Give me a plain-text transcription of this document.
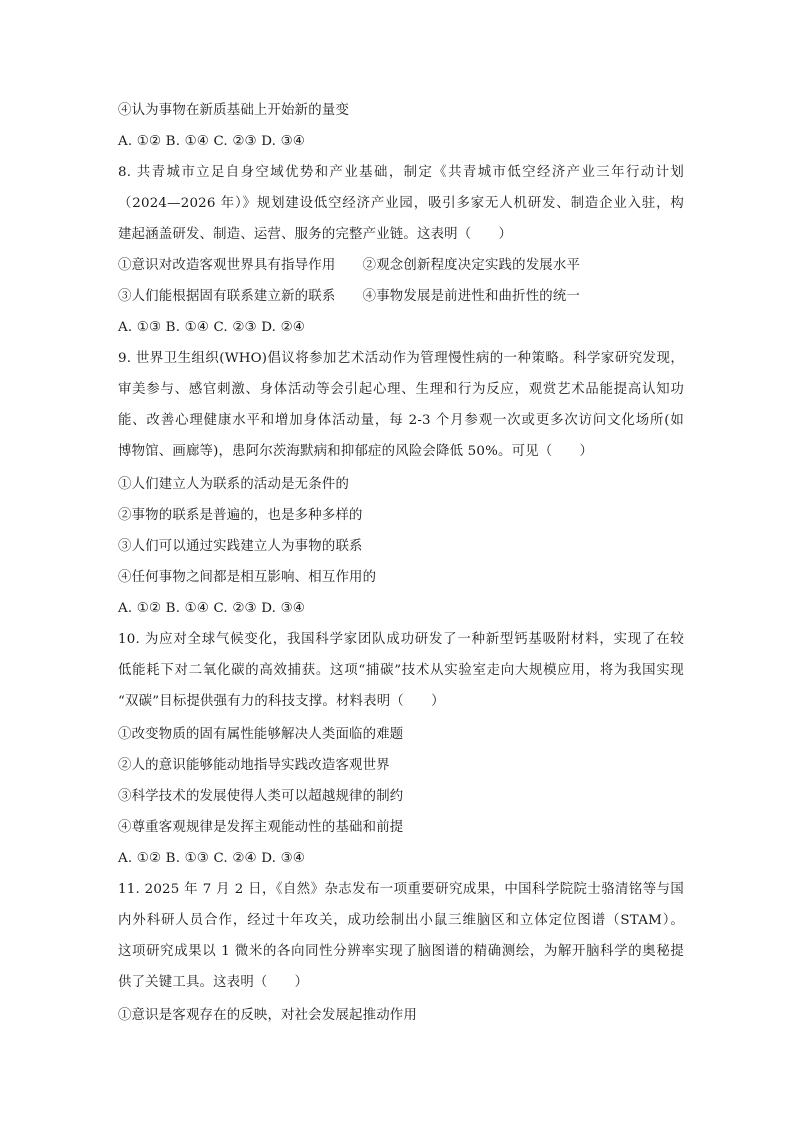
④认为事物在新质基础上开始新的量变
A. ①② B. ①④ C. ②③ D. ③④
8. 共青城市立足自身空域优势和产业基础，制定《共青城市低空经济产业三年行动计划
（2024—2026 年）》规划建设低空经济产业园，吸引多家无人机研发、制造企业入驻，构
建起涵盖研发、制造、运营、服务的完整产业链。这表明（　　）
①意识对改造客观世界具有指导作用　　②观念创新程度决定实践的发展水平
③人们能根据固有联系建立新的联系　　④事物发展是前进性和曲折性的统一
A. ①③ B. ①④ C. ②③ D. ②④
9. 世界卫生组织(WHO)倡议将参加艺术活动作为管理慢性病的一种策略。科学家研究发现，
审美参与、感官刺激、身体活动等会引起心理、生理和行为反应，观赏艺术品能提高认知功
能、改善心理健康水平和增加身体活动量，每 2-3 个月参观一次或更多次访问文化场所(如
博物馆、画廊等)，患阿尔茨海默病和抑郁症的风险会降低 50%。可见（　　）
①人们建立人为联系的活动是无条件的
②事物的联系是普遍的，也是多种多样的
③人们可以通过实践建立人为事物的联系
④任何事物之间都是相互影响、相互作用的
A. ①② B. ①④ C. ②③ D. ③④
10. 为应对全球气候变化，我国科学家团队成功研发了一种新型钙基吸附材料，实现了在较
低能耗下对二氧化碳的高效捕获。这项“捕碳”技术从实验室走向大规模应用，将为我国实现
“双碳”目标提供强有力的科技支撑。材料表明（　　）
①改变物质的固有属性能够解决人类面临的难题
②人的意识能够能动地指导实践改造客观世界
③科学技术的发展使得人类可以超越规律的制约
④尊重客观规律是发挥主观能动性的基础和前提
A. ①② B. ①③ C. ②④ D. ③④
11. 2025 年 7 月 2 日，《自然》杂志发布一项重要研究成果，中国科学院院士骆清铭等与国
内外科研人员合作，经过十年攻关，成功绘制出小鼠三维脑区和立体定位图谱（STAM）。
这项研究成果以 1 微米的各向同性分辨率实现了脑图谱的精确测绘，为解开脑科学的奥秘提
供了关键工具。这表明（　　）
①意识是客观存在的反映，对社会发展起推动作用
